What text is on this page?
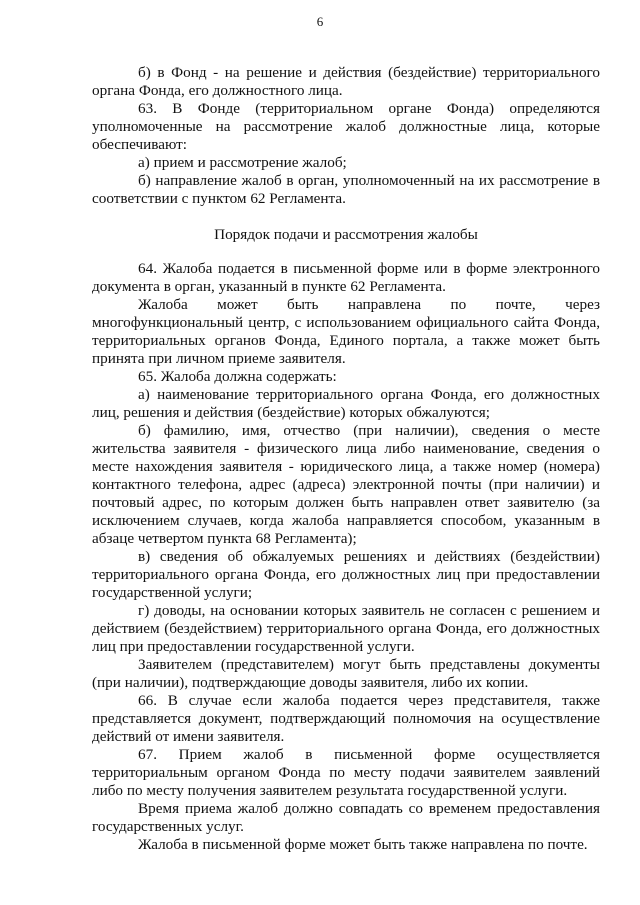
6

б) в Фонд - на решение и действия (бездействие) территориального органа Фонда, его должностного лица.

63. В Фонде (территориальном органе Фонда) определяются уполномоченные на рассмотрение жалоб должностные лица, которые обеспечивают:

а) прием и рассмотрение жалоб;

б) направление жалоб в орган, уполномоченный на их рассмотрение в соответствии с пунктом 62 Регламента.

Порядок подачи и рассмотрения жалобы

64. Жалоба подается в письменной форме или в форме электронного документа в орган, указанный в пункте 62 Регламента.

Жалоба может быть направлена по почте, через многофункциональный центр, с использованием официального сайта Фонда, территориальных органов Фонда, Единого портала, а также может быть принята при личном приеме заявителя.

65. Жалоба должна содержать:

а) наименование территориального органа Фонда, его должностных лиц, решения и действия (бездействие) которых обжалуются;

б) фамилию, имя, отчество (при наличии), сведения о месте жительства заявителя - физического лица либо наименование, сведения о месте нахождения заявителя - юридического лица, а также номер (номера) контактного телефона, адрес (адреса) электронной почты (при наличии) и почтовый адрес, по которым должен быть направлен ответ заявителю (за исключением случаев, когда жалоба направляется способом, указанным в абзаце четвертом пункта 68 Регламента);

в) сведения об обжалуемых решениях и действиях (бездействии) территориального органа Фонда, его должностных лиц при предоставлении государственной услуги;

г) доводы, на основании которых заявитель не согласен с решением и действием (бездействием) территориального органа Фонда, его должностных лиц при предоставлении государственной услуги.

Заявителем (представителем) могут быть представлены документы (при наличии), подтверждающие доводы заявителя, либо их копии.

66. В случае если жалоба подается через представителя, также представляется документ, подтверждающий полномочия на осуществление действий от имени заявителя.

67. Прием жалоб в письменной форме осуществляется территориальным органом Фонда по месту подачи заявителем заявлений либо по месту получения заявителем результата государственной услуги.

Время приема жалоб должно совпадать со временем предоставления государственных услуг.

Жалоба в письменной форме может быть также направлена по почте.
